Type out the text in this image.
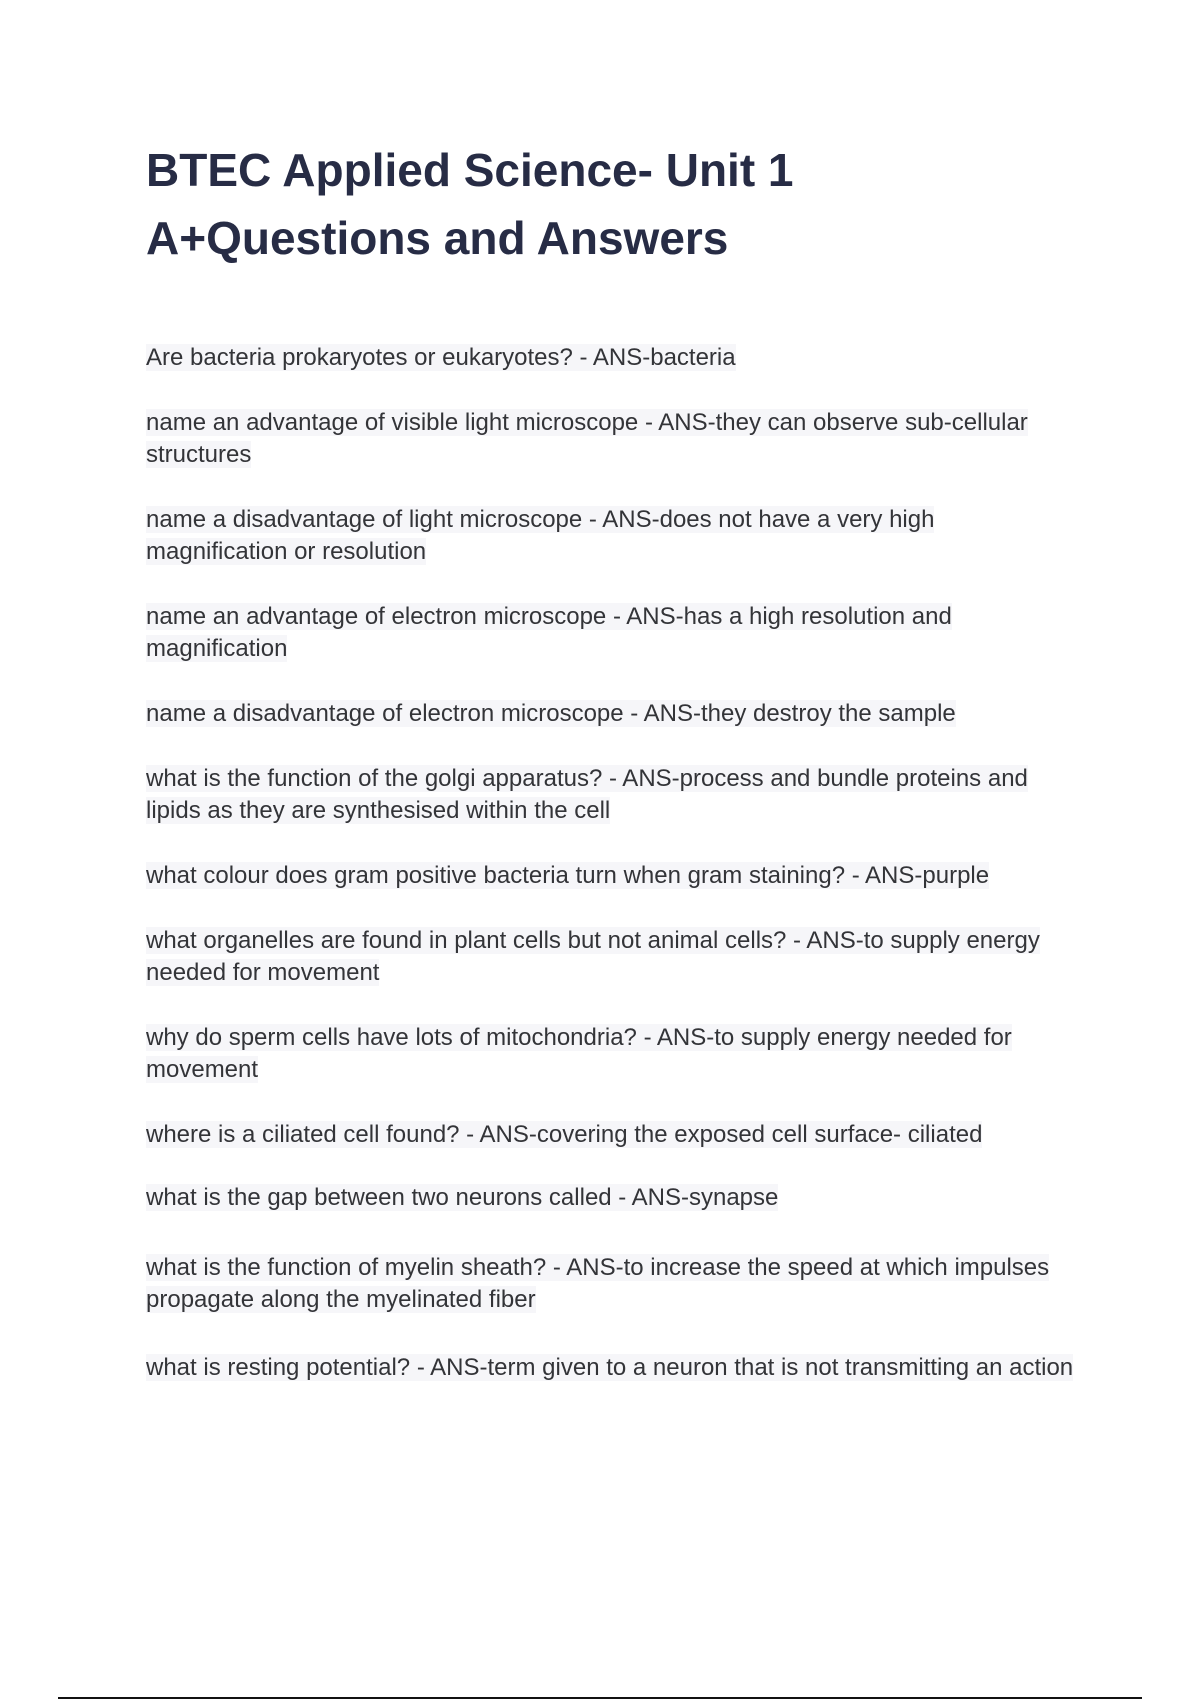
BTEC Applied Science- Unit 1
A+Questions and Answers
Are bacteria prokaryotes or eukaryotes? - ANS-bacteria
name an advantage of visible light microscope - ANS-they can observe sub-cellular structures
name a disadvantage of light microscope - ANS-does not have a very high magnification or resolution
name an advantage of electron microscope - ANS-has a high resolution and magnification
name a disadvantage of electron microscope - ANS-they destroy the sample
what is the function of the golgi apparatus? - ANS-process and bundle proteins and lipids as they are synthesised within the cell
what colour does gram positive bacteria turn when gram staining? - ANS-purple
what organelles are found in plant cells but not animal cells? - ANS-to supply energy needed for movement
why do sperm cells have lots of mitochondria? - ANS-to supply energy needed for movement
where is a ciliated cell found? - ANS-covering the exposed cell surface- ciliated
what is the gap between two neurons called - ANS-synapse
what is the function of myelin sheath? - ANS-to increase the speed at which impulses propagate along the myelinated fiber
what is resting potential? - ANS-term given to a neuron that is not transmitting an action
